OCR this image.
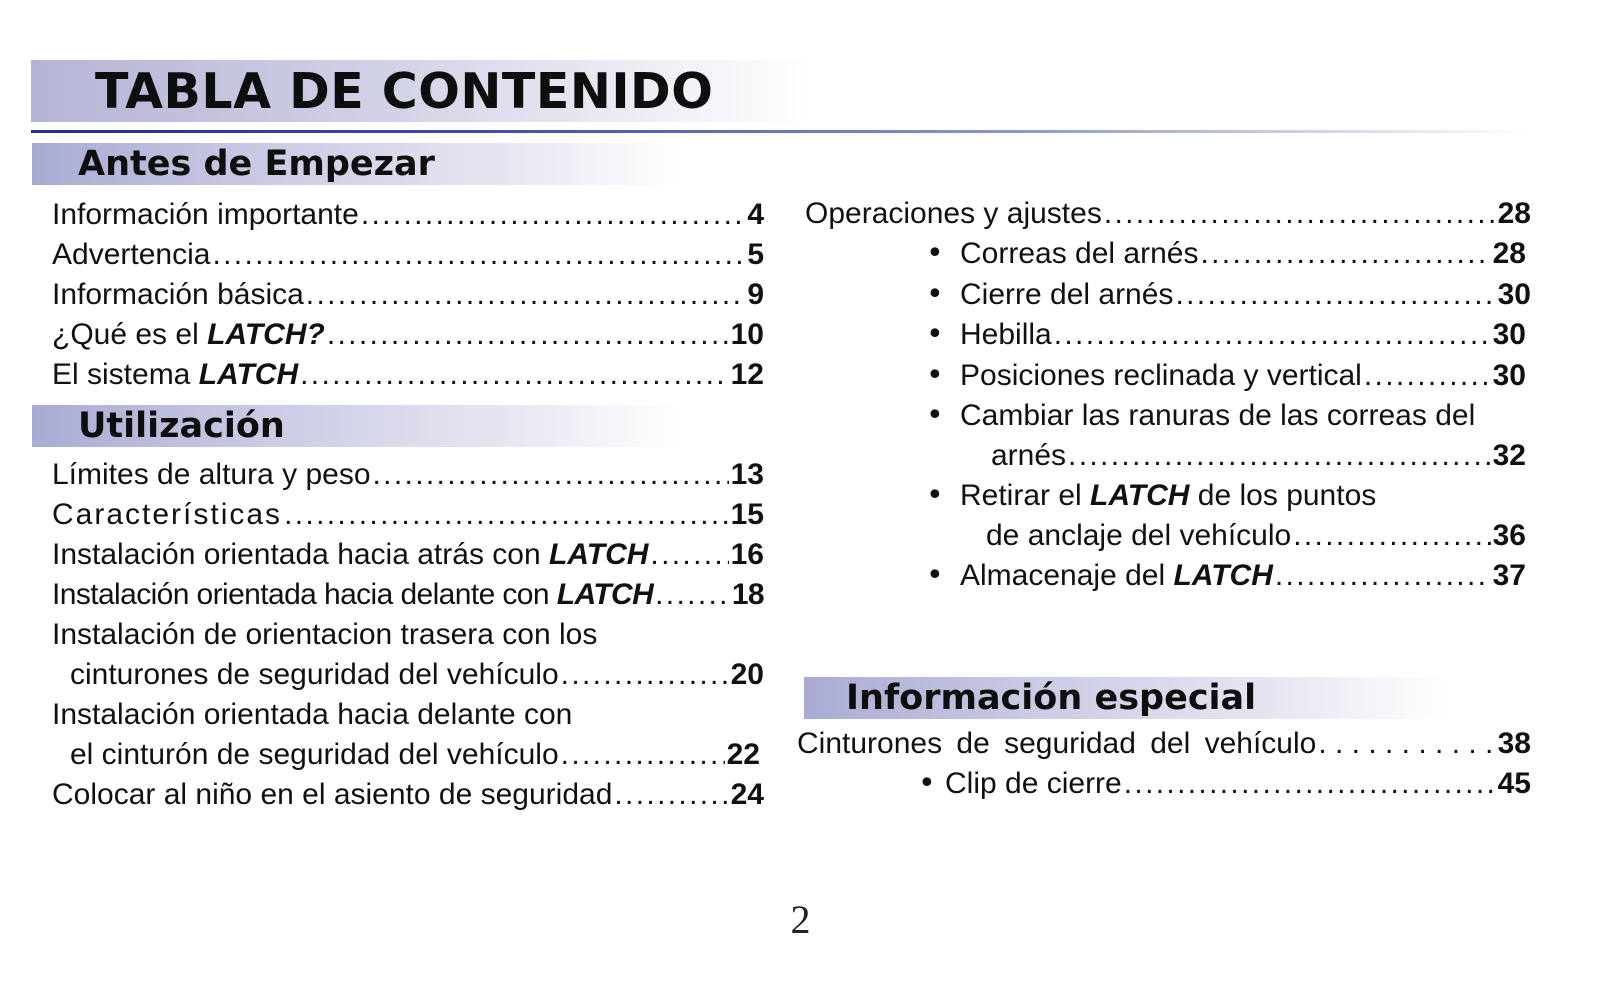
TABLA DE CONTENIDO
Antes de Empezar
Información importante . . .	4
Advertencia . . .	5
Información básica . . .	9
¿Qué es el LATCH? . . .	10
El sistema LATCH . . .	12
Utilización
Límites de altura y peso . . .	13
Características . . .	15
Instalación orientada hacia atrás con LATCH . . .	16
Instalación orientada hacia delante con LATCH . . .	18
Instalación de orientacion trasera con los
cinturones de seguridad del vehículo . . .	20
Instalación orientada hacia delante con
el cinturón de seguridad del vehículo . . .	22
Colocar al niño en el asiento de seguridad . . .	24
Operaciones y ajustes . . .	28
• Correas del arnés . . .	28
• Cierre del arnés . . .	30
• Hebilla . . .	30
• Posiciones reclinada y vertical . . .	30
• Cambiar las ranuras de las correas del
arnés . . .	32
• Retirar el LATCH de los puntos
de anclaje del vehículo . . .	36
• Almacenaje del LATCH . . .	37
Información especial
Cinturones de seguridad del vehículo . . .	38
• Clip de cierre . . .	45
2
